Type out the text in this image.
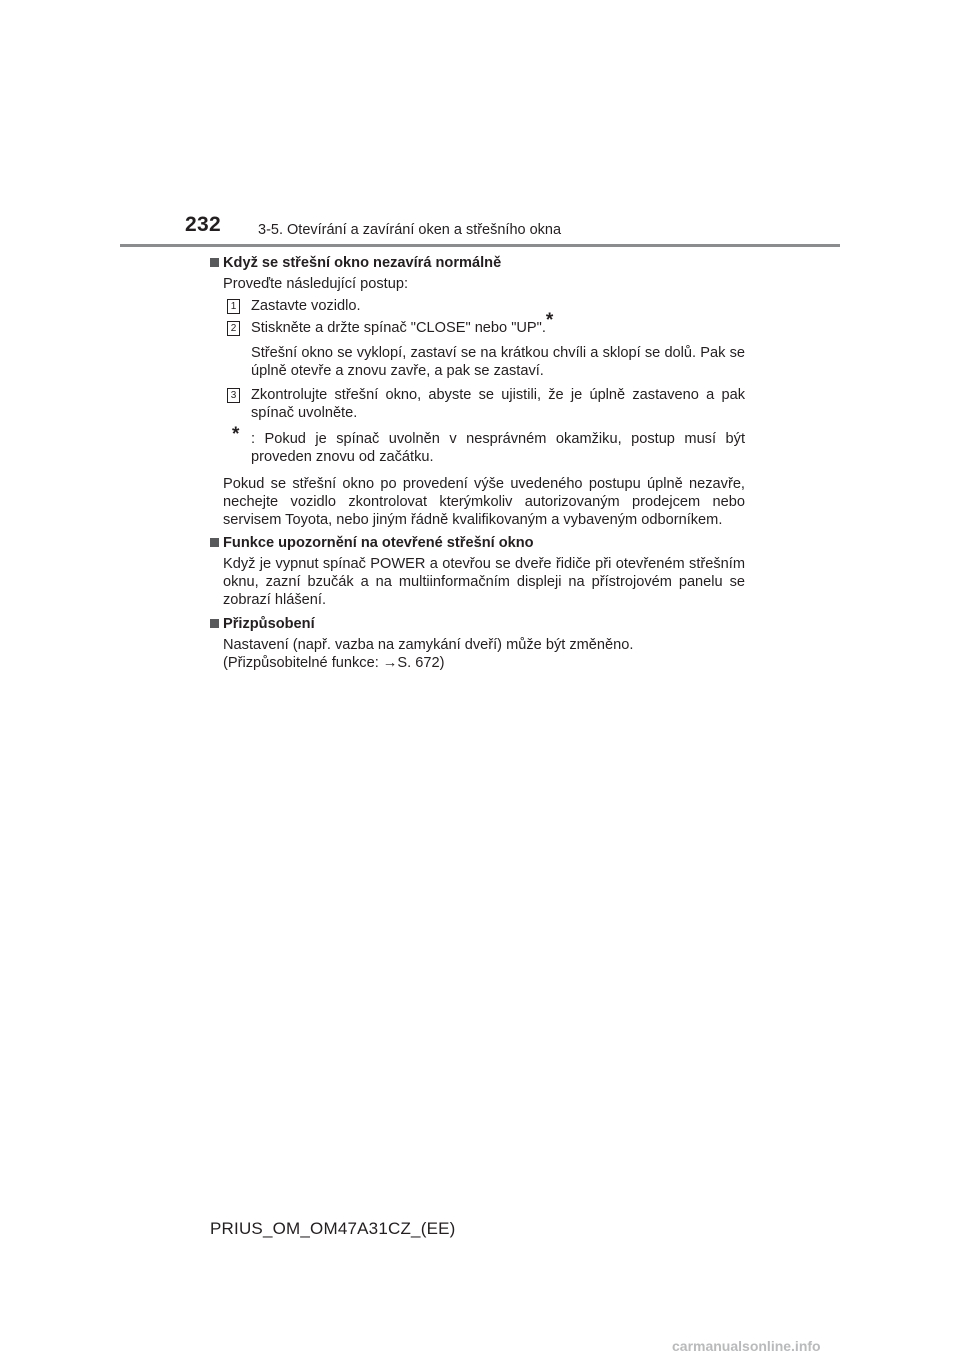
232	3-5. Otevírání a zavírání oken a střešního okna
Když se střešní okno nezavírá normálně
Proveďte následující postup:
1 Zastavte vozidlo.
2 Stiskněte a držte spínač "CLOSE" nebo "UP".*
Střešní okno se vyklopí, zastaví se na krátkou chvíli a sklopí se dolů. Pak se úplně otevře a znovu zavře, a pak se zastaví.
3 Zkontrolujte střešní okno, abyste se ujistili, že je úplně zastaveno a pak spínač uvolněte.
* : Pokud je spínač uvolněn v nesprávném okamžiku, postup musí být proveden znovu od začátku.
Pokud se střešní okno po provedení výše uvedeného postupu úplně nezavře, nechejte vozidlo zkontrolovat kterýmkoliv autorizovaným prodejcem nebo servisem Toyota, nebo jiným řádně kvalifikovaným a vybaveným odborníkem.
Funkce upozornění na otevřené střešní okno
Když je vypnut spínač POWER a otevřou se dveře řidiče při otevřeném střešním oknu, zazní bzučák a na multiinformačním displeji na přístrojovém panelu se zobrazí hlášení.
Přizpůsobení
Nastavení (např. vazba na zamykání dveří) může být změněno.
(Přizpůsobitelné funkce: →S. 672)
PRIUS_OM_OM47A31CZ_(EE)
carmanualsonline.info
